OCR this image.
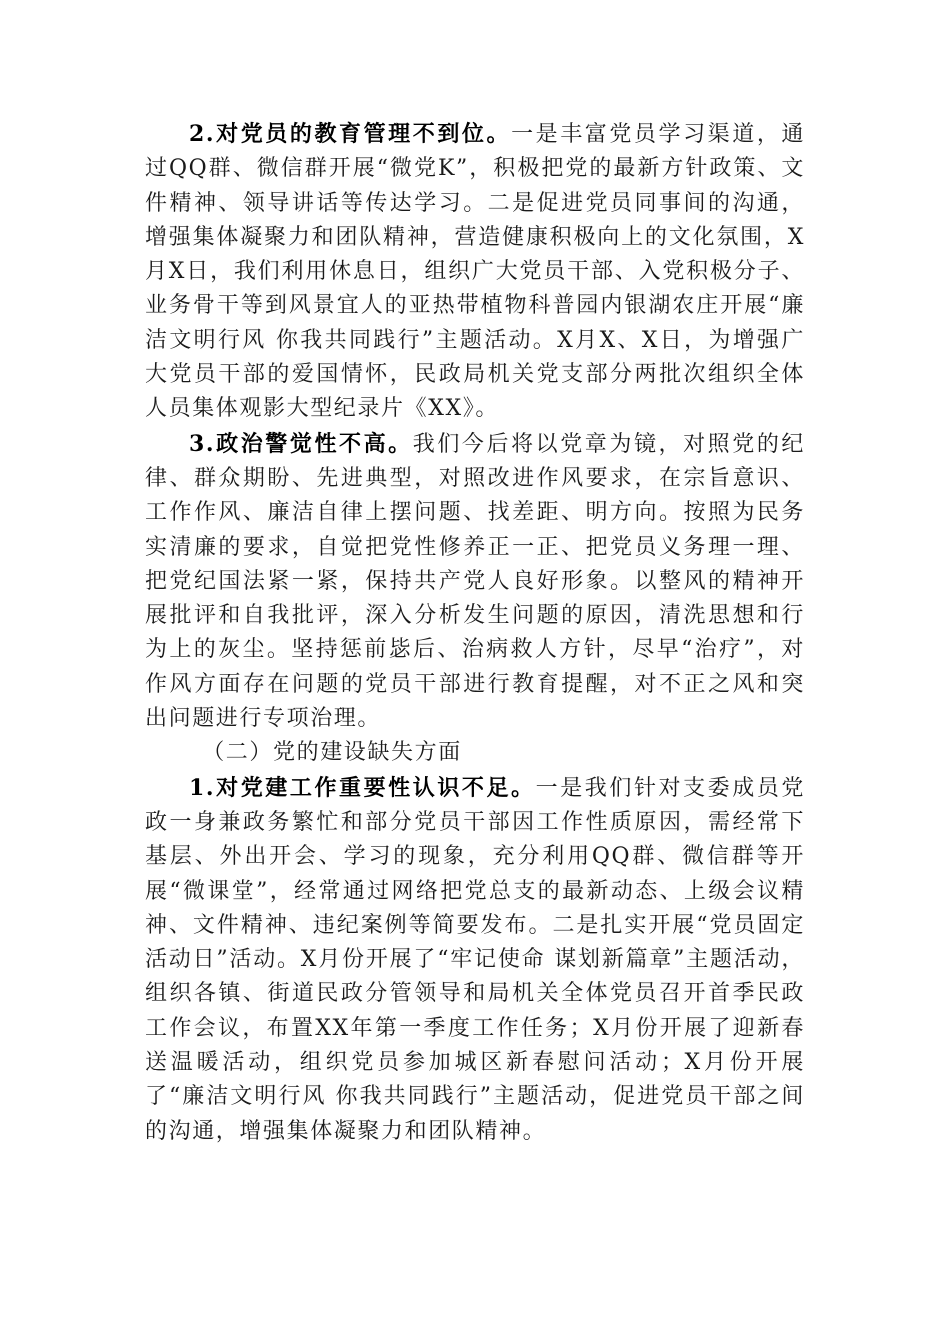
2.对党员的教育管理不到位。一是丰富党员学习渠道，通过QQ群、微信群开展“微党K”，积极把党的最新方针政策、文件精神、领导讲话等传达学习。二是促进党员同事间的沟通，增强集体凝聚力和团队精神，营造健康积极向上的文化氛围，X月X日，我们利用休息日，组织广大党员干部、入党积极分子、业务骨干等到风景宜人的亚热带植物科普园内银湖农庄开展“廉洁文明行风 你我共同践行”主题活动。X月X、X日，为增强广大党员干部的爱国情怀，民政局机关党支部分两批次组织全体人员集体观影大型纪录片《XX》。

3.政治警觉性不高。我们今后将以党章为镜，对照党的纪律、群众期盼、先进典型，对照改进作风要求，在宗旨意识、工作作风、廉洁自律上摆问题、找差距、明方向。按照为民务实清廉的要求，自觉把党性修养正一正、把党员义务理一理、把党纪国法紧一紧，保持共产党人良好形象。以整风的精神开展批评和自我批评，深入分析发生问题的原因，清洗思想和行为上的灰尘。坚持惩前毖后、治病救人方针，尽早“治疗”，对作风方面存在问题的党员干部进行教育提醒，对不正之风和突出问题进行专项治理。

（二）党的建设缺失方面

1.对党建工作重要性认识不足。一是我们针对支委成员党政一身兼政务繁忙和部分党员干部因工作性质原因，需经常下基层、外出开会、学习的现象，充分利用QQ群、微信群等开展“微课堂”，经常通过网络把党总支的最新动态、上级会议精神、文件精神、违纪案例等简要发布。二是扎实开展“党员固定活动日”活动。X月份开展了“牢记使命 谋划新篇章”主题活动，组织各镇、街道民政分管领导和局机关全体党员召开首季民政工作会议，布置XX年第一季度工作任务；X月份开展了迎新春送温暖活动，组织党员参加城区新春慰问活动；X月份开展了“廉洁文明行风 你我共同践行”主题活动，促进党员干部之间的沟通，增强集体凝聚力和团队精神。
